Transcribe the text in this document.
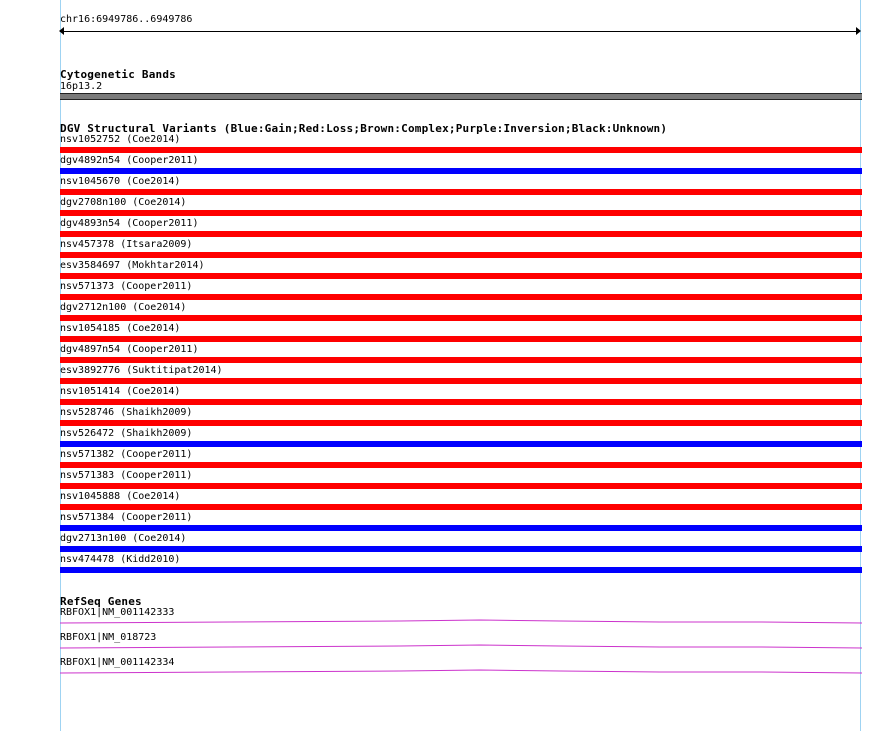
chr16:6949786..6949786
Cytogenetic Bands
16p13.2
DGV Structural Variants (Blue:Gain;Red:Loss;Brown:Complex;Purple:Inversion;Black:Unknown)
nsv1052752 (Coe2014)
dgv4892n54 (Cooper2011)
nsv1045670 (Coe2014)
dgv2708n100 (Coe2014)
dgv4893n54 (Cooper2011)
nsv457378 (Itsara2009)
esv3584697 (Mokhtar2014)
nsv571373 (Cooper2011)
dgv2712n100 (Coe2014)
nsv1054185 (Coe2014)
dgv4897n54 (Cooper2011)
esv3892776 (Suktitipat2014)
nsv1051414 (Coe2014)
nsv528746 (Shaikh2009)
nsv526472 (Shaikh2009)
nsv571382 (Cooper2011)
nsv571383 (Cooper2011)
nsv1045888 (Coe2014)
nsv571384 (Cooper2011)
dgv2713n100 (Coe2014)
nsv474478 (Kidd2010)
RefSeq Genes
RBFOX1|NM_001142333
RBFOX1|NM_018723
RBFOX1|NM_001142334
